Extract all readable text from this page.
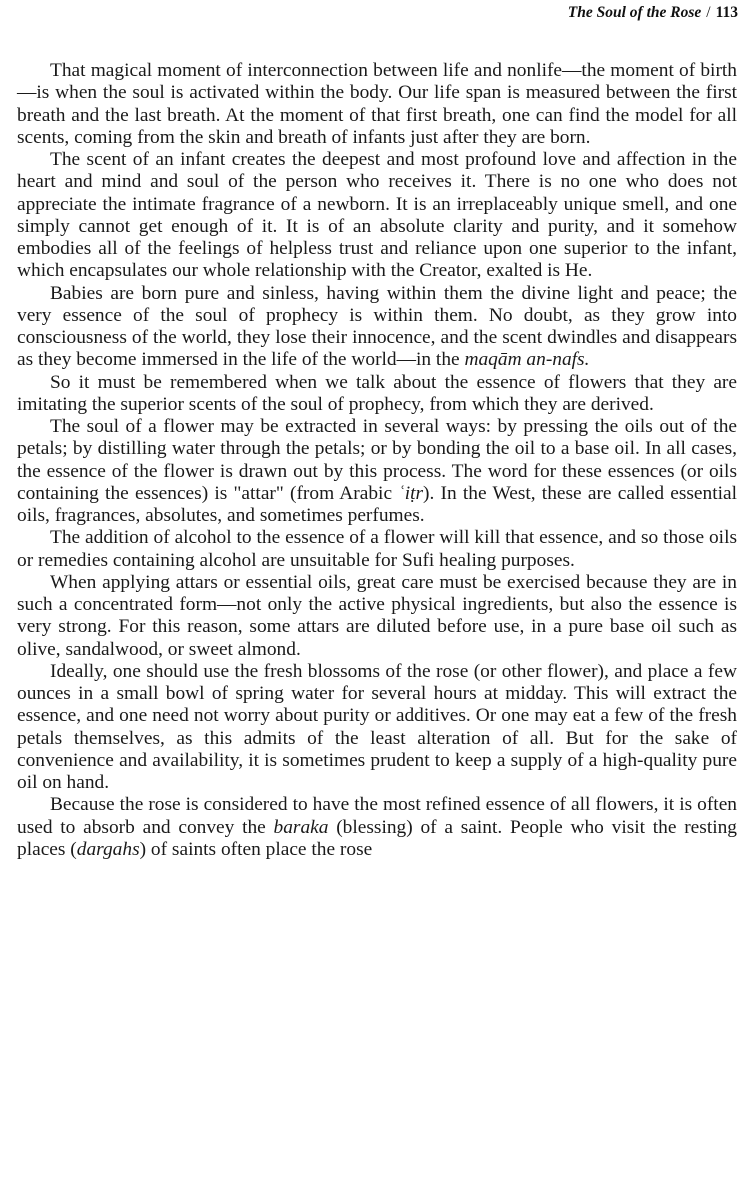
The Soul of the Rose / 113

That magical moment of interconnection between life and nonlife—the moment of birth—is when the soul is activated within the body. Our life span is measured between the first breath and the last breath. At the moment of that first breath, one can find the model for all scents, coming from the skin and breath of infants just after they are born.

The scent of an infant creates the deepest and most profound love and affection in the heart and mind and soul of the person who receives it. There is no one who does not appreciate the intimate fragrance of a newborn. It is an irreplaceably unique smell, and one simply cannot get enough of it. It is of an absolute clarity and purity, and it somehow embodies all of the feelings of helpless trust and reliance upon one superior to the infant, which encapsulates our whole relationship with the Creator, exalted is He.

Babies are born pure and sinless, having within them the divine light and peace; the very essence of the soul of prophecy is within them. No doubt, as they grow into consciousness of the world, they lose their innocence, and the scent dwindles and disappears as they become immersed in the life of the world—in the maqām an-nafs.

So it must be remembered when we talk about the essence of flowers that they are imitating the superior scents of the soul of prophecy, from which they are derived.

The soul of a flower may be extracted in several ways: by pressing the oils out of the petals; by distilling water through the petals; or by bonding the oil to a base oil. In all cases, the essence of the flower is drawn out by this process. The word for these essences (or oils containing the essences) is "attar" (from Arabic ʿiṭr). In the West, these are called essential oils, fragrances, absolutes, and sometimes perfumes.

The addition of alcohol to the essence of a flower will kill that essence, and so those oils or remedies containing alcohol are unsuitable for Sufi healing purposes.

When applying attars or essential oils, great care must be exercised because they are in such a concentrated form—not only the active physical ingredients, but also the essence is very strong. For this reason, some attars are diluted before use, in a pure base oil such as olive, sandalwood, or sweet almond.

Ideally, one should use the fresh blossoms of the rose (or other flower), and place a few ounces in a small bowl of spring water for several hours at midday. This will extract the essence, and one need not worry about purity or additives. Or one may eat a few of the fresh petals themselves, as this admits of the least alteration of all. But for the sake of convenience and availability, it is sometimes prudent to keep a supply of a high-quality pure oil on hand.

Because the rose is considered to have the most refined essence of all flowers, it is often used to absorb and convey the baraka (blessing) of a saint. People who visit the resting places (dargahs) of saints often place the rose
